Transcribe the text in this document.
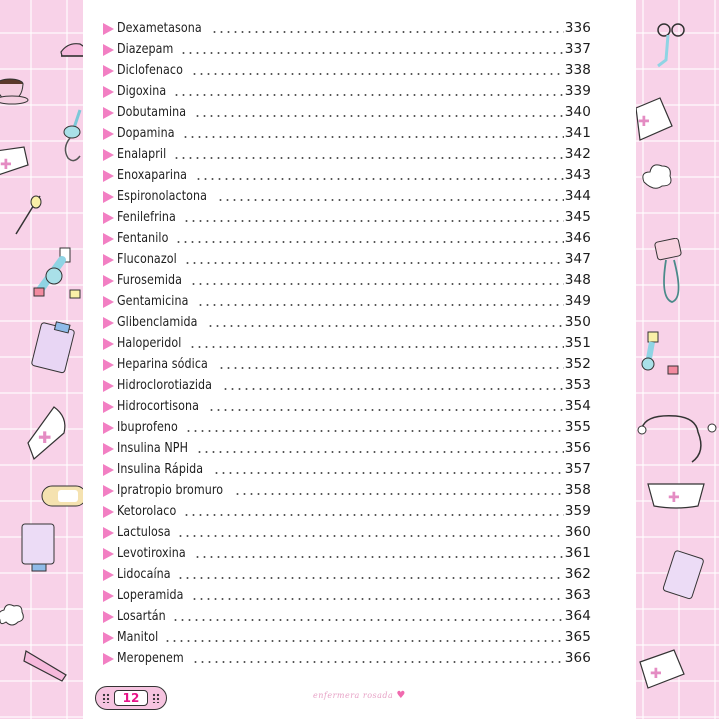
✚
✚
✚
✚
✚
Dexametasona	336
Diazepam	337
Diclofenaco	338
Digoxina	339
Dobutamina	340
Dopamina	341
Enalapril	342
Enoxaparina	343
Espironolactona	344
Fenilefrina	345
Fentanilo	346
Fluconazol	347
Furosemida	348
Gentamicina	349
Glibenclamida	350
Haloperidol	351
Heparina sódica	352
Hidroclorotiazida	353
Hidrocortisona	354
Ibuprofeno	355
Insulina NPH	356
Insulina Rápida	357
Ipratropio bromuro	358
Ketorolaco	359
Lactulosa	360
Levotiroxina	361
Lidocaína	362
Loperamida	363
Losartán	364
Manitol	365
Meropenem	366
12	enfermera rosada ♥
